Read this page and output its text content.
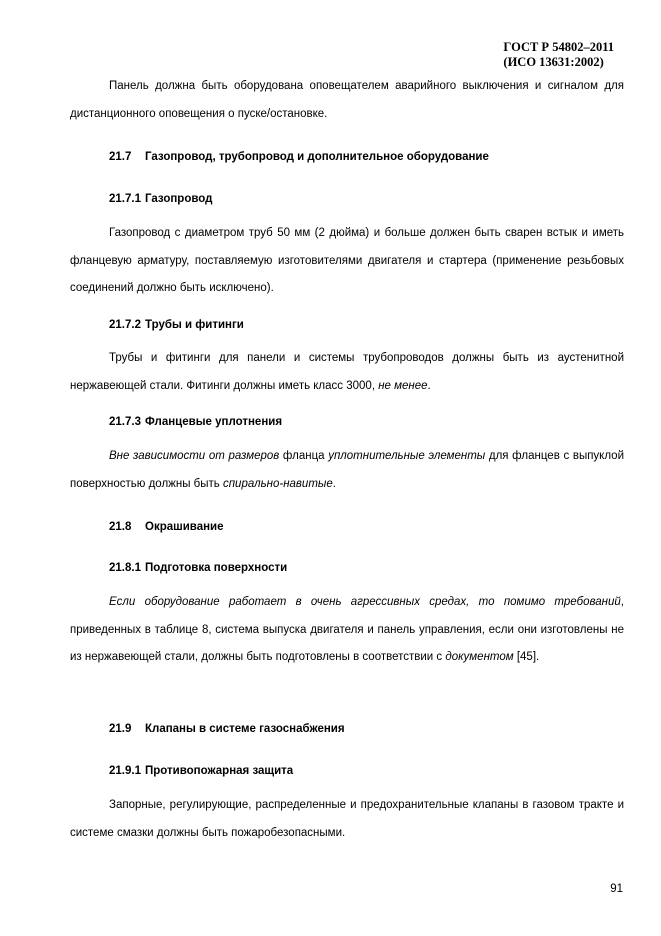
ГОСТ Р 54802–2011
(ИСО 13631:2002)

Панель должна быть оборудована оповещателем аварийного выключения и сигналом для дистанционного оповещения о пуске/остановке.

21.7 Газопровод, трубопровод и дополнительное оборудование
21.7.1 Газопровод

Газопровод с диаметром труб 50 мм (2 дюйма) и больше должен быть сварен встык и иметь фланцевую арматуру, поставляемую изготовителями двигателя и стартера (применение резьбовых соединений должно быть исключено).

21.7.2 Трубы и фитинги

Трубы и фитинги для панели и системы трубопроводов должны быть из аустенитной нержавеющей стали. Фитинги должны иметь класс 3000, не менее.

21.7.3 Фланцевые уплотнения

Вне зависимости от размеров фланца уплотнительные элементы для фланцев с выпуклой поверхностью должны быть спирально-навитые.

21.8 Окрашивание
21.8.1 Подготовка поверхности

Если оборудование работает в очень агрессивных средах, то помимо требований, приведенных в таблице 8, система выпуска двигателя и панель управления, если они изготовлены не из нержавеющей стали, должны быть подготовлены в соответствии с документом [45].

21.9 Клапаны в системе газоснабжения
21.9.1 Противопожарная защита

Запорные, регулирующие, распределенные и предохранительные клапаны в газовом тракте и системе смазки должны быть пожаробезопасными.

91
